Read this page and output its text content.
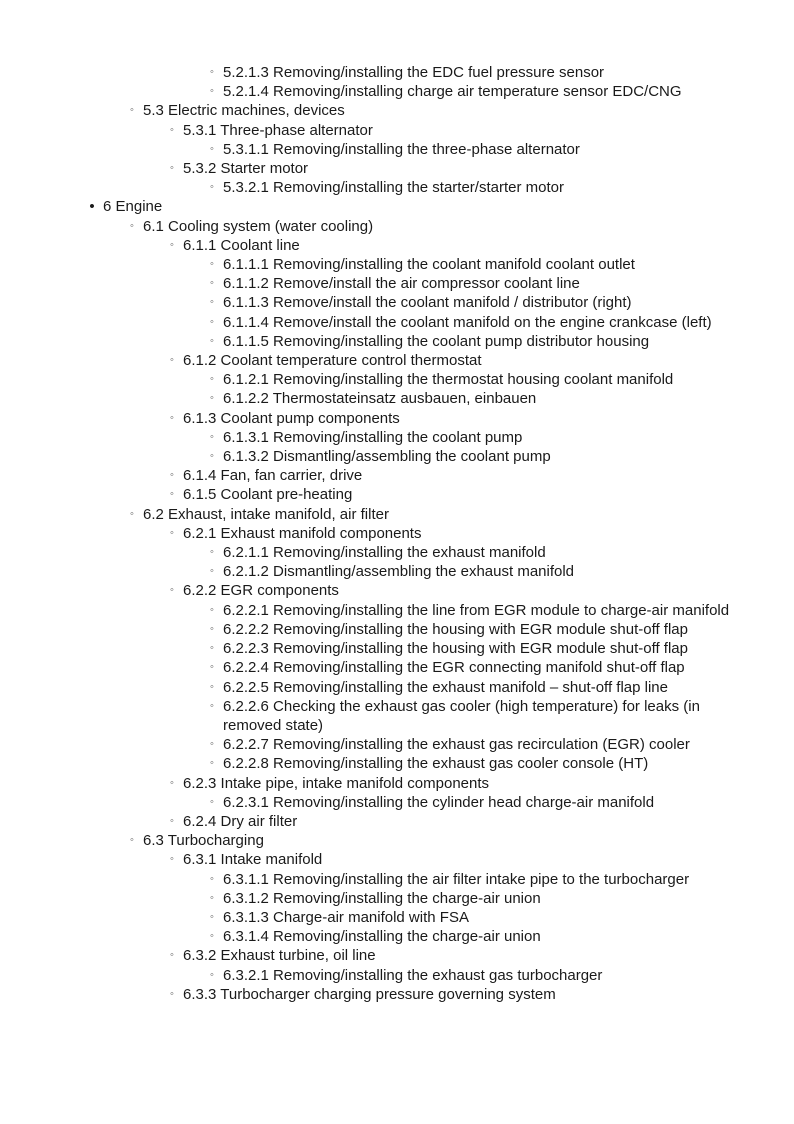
◦ 5.2.1.3 Removing/installing the EDC fuel pressure sensor
◦ 5.2.1.4 Removing/installing charge air temperature sensor EDC/CNG
◦ 5.3 Electric machines, devices
◦ 5.3.1 Three-phase alternator
◦ 5.3.1.1 Removing/installing the three-phase alternator
◦ 5.3.2 Starter motor
◦ 5.3.2.1 Removing/installing the starter/starter motor
• 6 Engine
◦ 6.1 Cooling system (water cooling)
◦ 6.1.1 Coolant line
◦ 6.1.1.1 Removing/installing the coolant manifold coolant outlet
◦ 6.1.1.2 Remove/install the air compressor coolant line
◦ 6.1.1.3 Remove/install the coolant manifold / distributor (right)
◦ 6.1.1.4 Remove/install the coolant manifold on the engine crankcase (left)
◦ 6.1.1.5 Removing/installing the coolant pump distributor housing
◦ 6.1.2 Coolant temperature control thermostat
◦ 6.1.2.1 Removing/installing the thermostat housing coolant manifold
◦ 6.1.2.2 Thermostateinsatz ausbauen, einbauen
◦ 6.1.3 Coolant pump components
◦ 6.1.3.1 Removing/installing the coolant pump
◦ 6.1.3.2 Dismantling/assembling the coolant pump
◦ 6.1.4 Fan, fan carrier, drive
◦ 6.1.5 Coolant pre-heating
◦ 6.2 Exhaust, intake manifold, air filter
◦ 6.2.1 Exhaust manifold components
◦ 6.2.1.1 Removing/installing the exhaust manifold
◦ 6.2.1.2 Dismantling/assembling the exhaust manifold
◦ 6.2.2 EGR components
◦ 6.2.2.1 Removing/installing the line from EGR module to charge-air manifold
◦ 6.2.2.2 Removing/installing the housing with EGR module shut-off flap
◦ 6.2.2.3 Removing/installing the housing with EGR module shut-off flap
◦ 6.2.2.4 Removing/installing the EGR connecting manifold shut-off flap
◦ 6.2.2.5 Removing/installing the exhaust manifold – shut-off flap line
◦ 6.2.2.6 Checking the exhaust gas cooler (high temperature) for leaks (in removed state)
◦ 6.2.2.7 Removing/installing the exhaust gas recirculation (EGR) cooler
◦ 6.2.2.8 Removing/installing the exhaust gas cooler console (HT)
◦ 6.2.3 Intake pipe, intake manifold components
◦ 6.2.3.1 Removing/installing the cylinder head charge-air manifold
◦ 6.2.4 Dry air filter
◦ 6.3 Turbocharging
◦ 6.3.1 Intake manifold
◦ 6.3.1.1 Removing/installing the air filter intake pipe to the turbocharger
◦ 6.3.1.2 Removing/installing the charge-air union
◦ 6.3.1.3 Charge-air manifold with FSA
◦ 6.3.1.4 Removing/installing the charge-air union
◦ 6.3.2 Exhaust turbine, oil line
◦ 6.3.2.1 Removing/installing the exhaust gas turbocharger
◦ 6.3.3 Turbocharger charging pressure governing system
